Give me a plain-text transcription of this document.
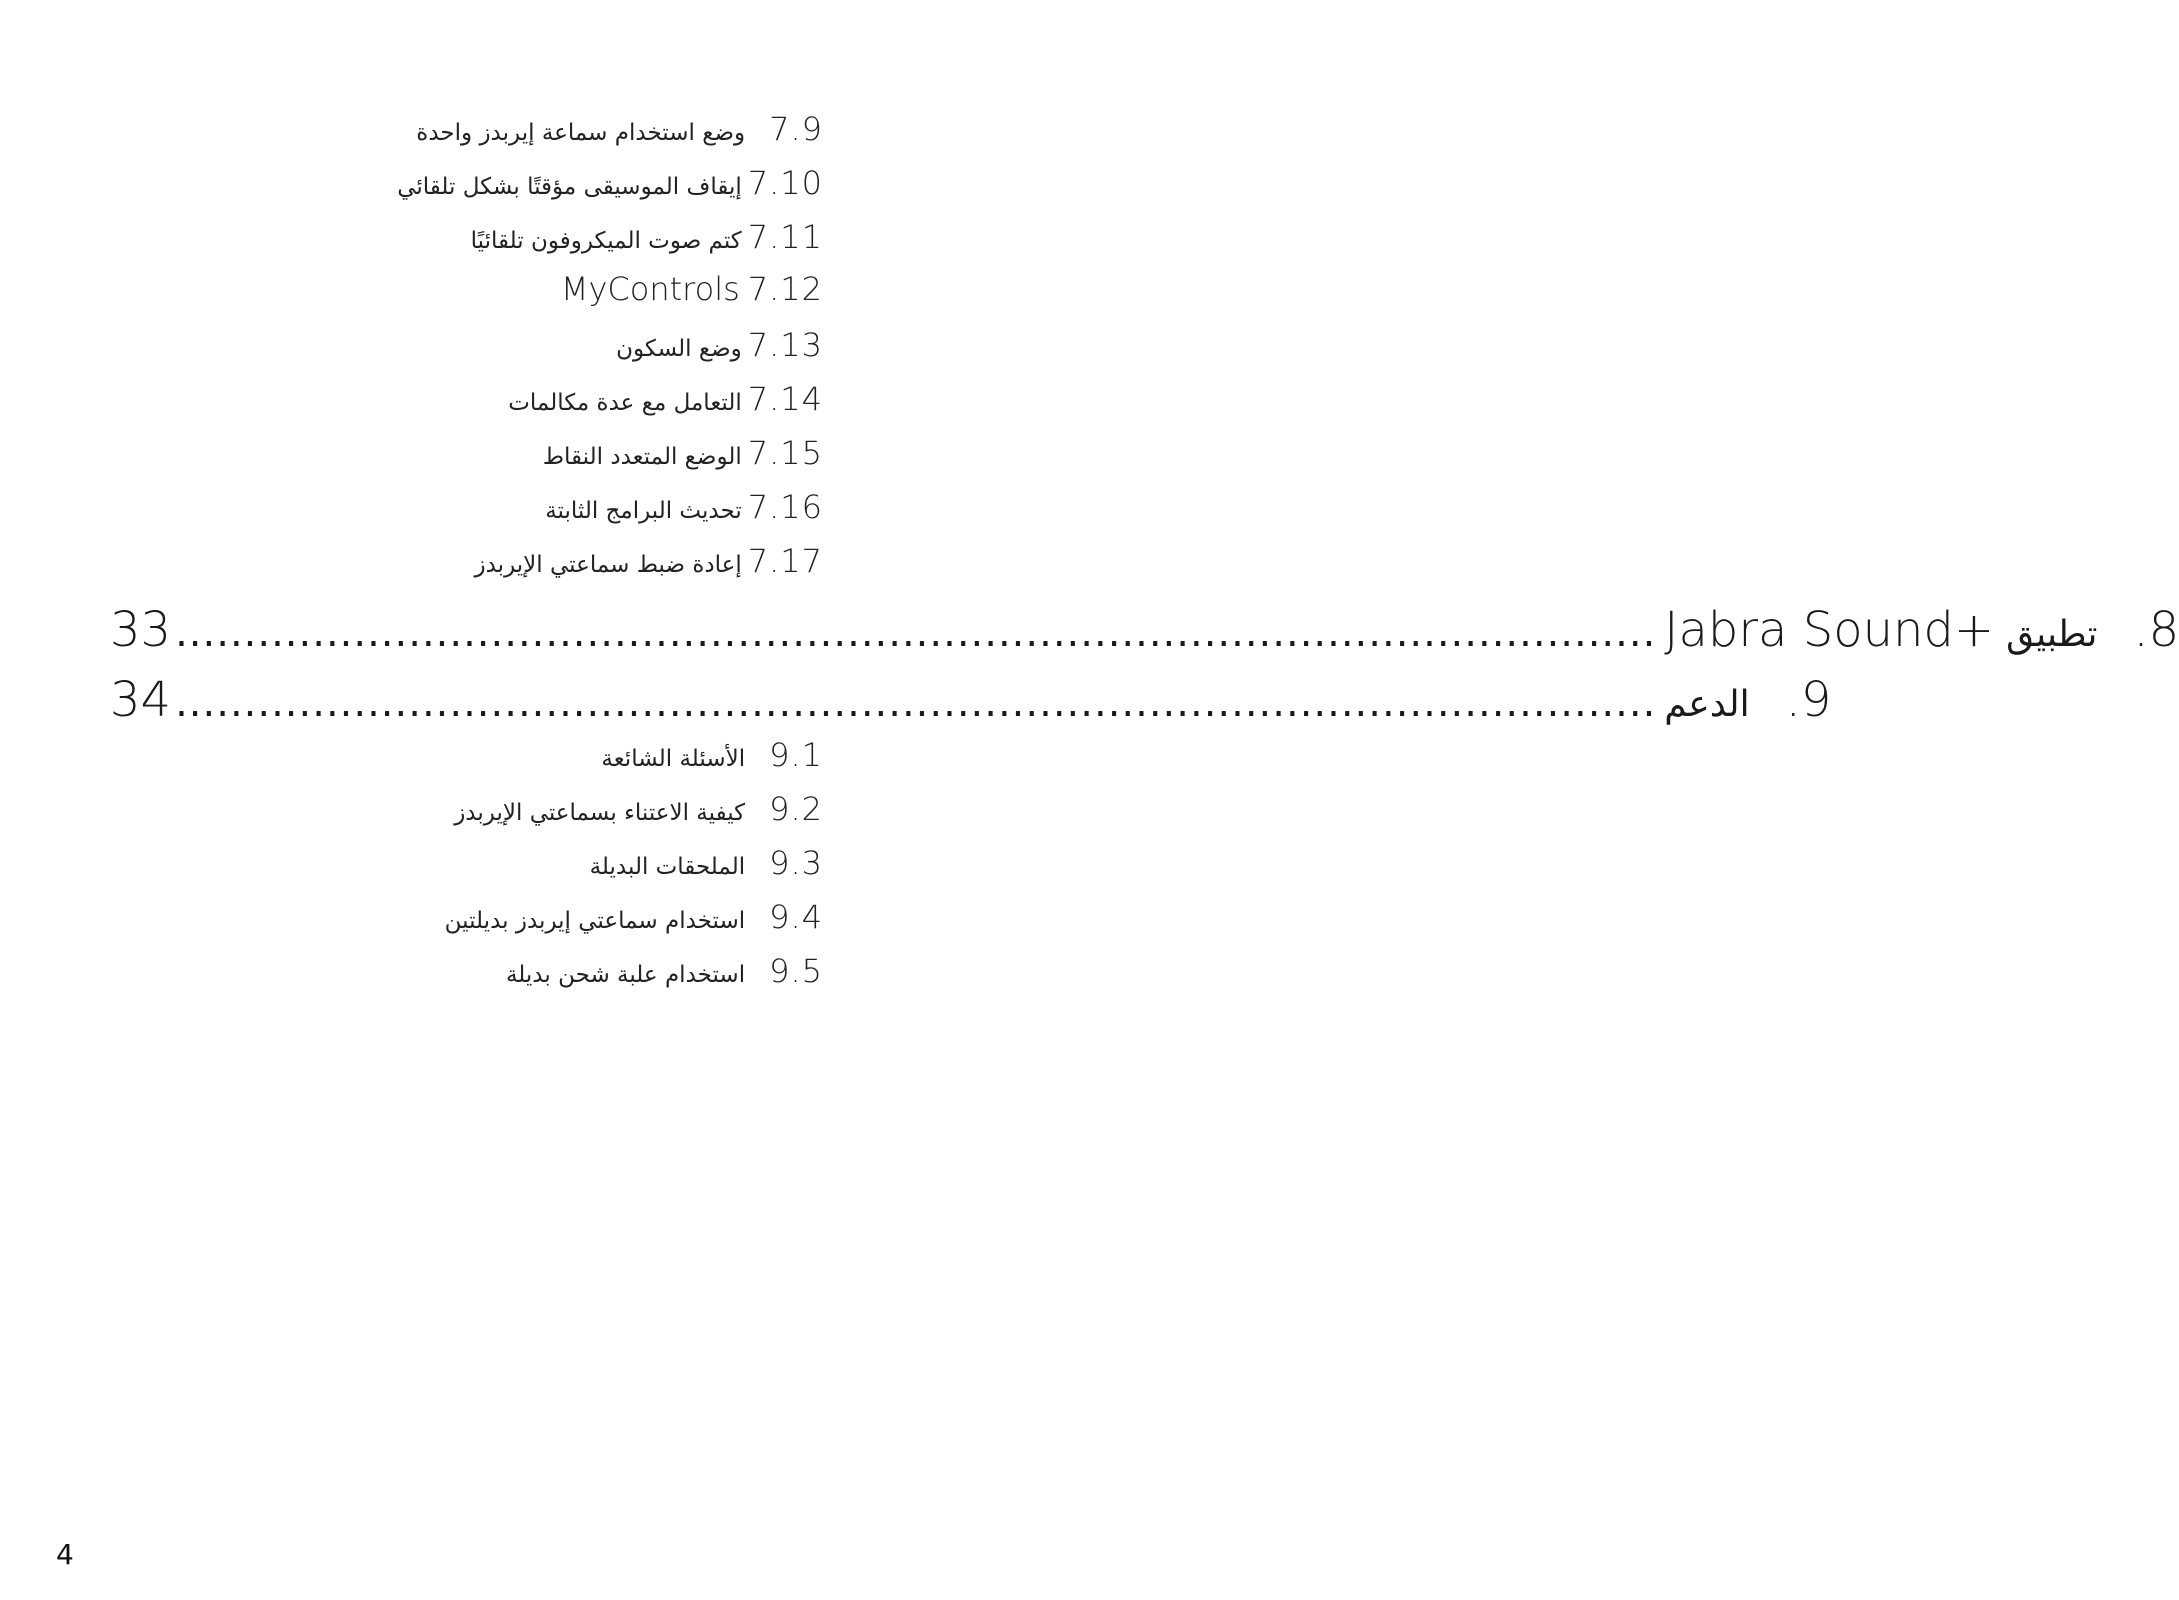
وضع استخدام سماعة إيربدز واحدة 7.9
إيقاف الموسيقى مؤقتًا بشكل تلقائي 7.10
كتم صوت الميكروفون تلقائيًا 7.11
MyControls 7.12
وضع السكون 7.13
التعامل مع عدة مكالمات 7.14
الوضع المتعدد النقاط 7.15
تحديث البرامج الثابتة 7.16
إعادة ضبط سماعتي الإيربدز 7.17
33 ............................................................................................................ Jabra Sound+ تطبيق .8
34 ............................................................................................................ الدعم .9
الأسئلة الشائعة 9.1
كيفية الاعتناء بسماعتي الإيربدز 9.2
الملحقات البديلة 9.3
استخدام سماعتي إيربدز بديلتين 9.4
استخدام علبة شحن بديلة 9.5
4
